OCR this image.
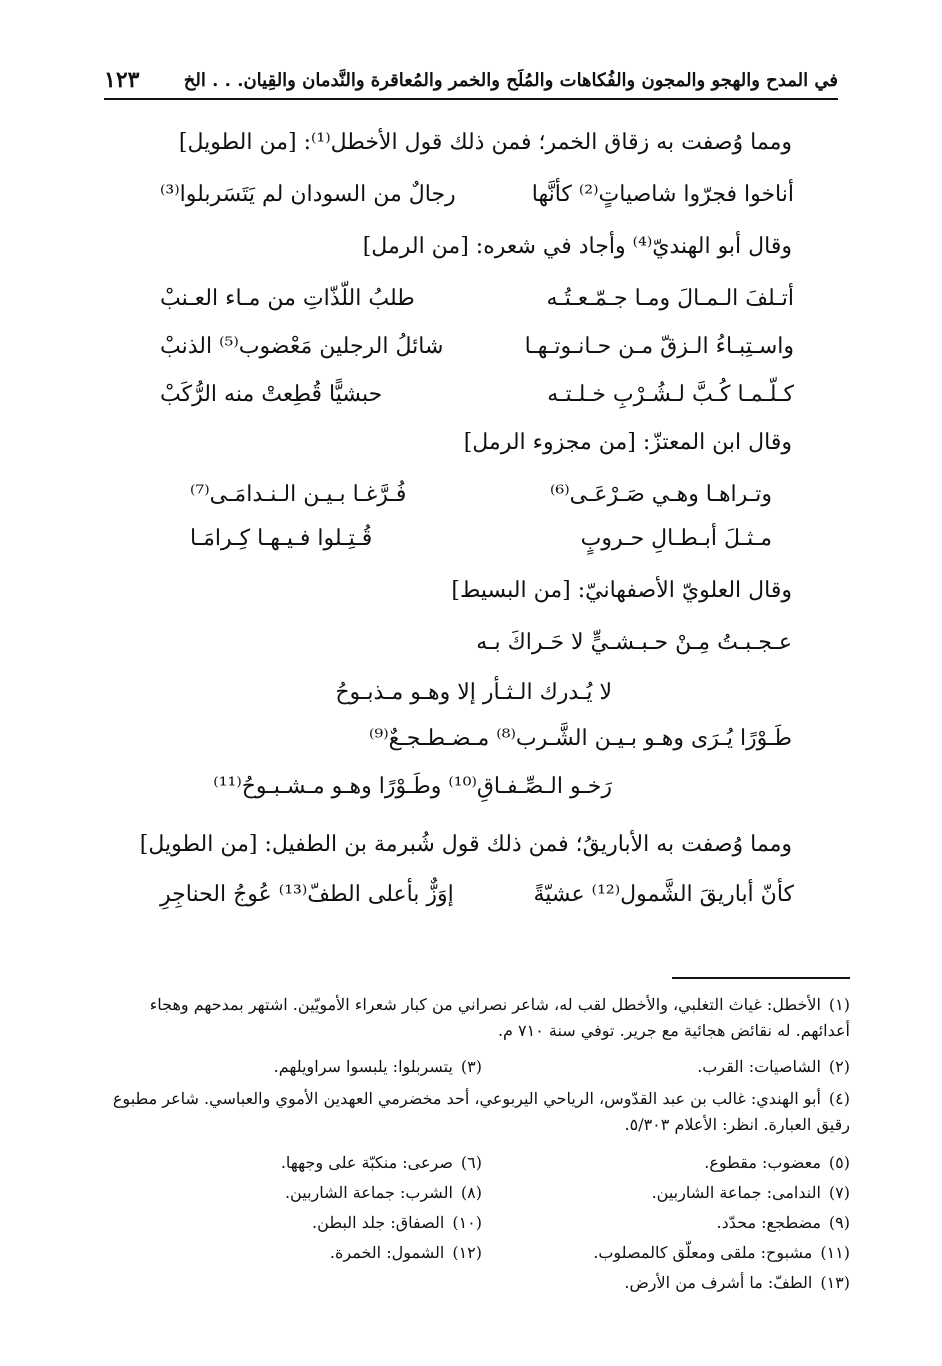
في المدح والهجو والمجون والفُكاهات والمُلَح والخمر والمُعاقرة والنَّدمان والقِيان. . . الخ
١٢٣
ومما وُصفت به زقاق الخمر؛ فمن ذلك قول الأخطل⁽¹⁾: [من الطويل]
أناخوا فجرّوا شاصياتٍ⁽²⁾ كأنَّها
رجالٌ من السودان لم يَتَسَربلوا⁽³⁾
وقال أبو الهنديّ⁽⁴⁾ وأجاد في شعره: [من الرمل]
أتـلفَ الـمـالَ ومـا جـمّـعـتُـه
طلبُ اللّذّاتِ من مـاء العـنبْ
واسـتِبـاءُ الـزقّ مـن حـانـوتـهـا
شائلُ الرجلين مَعْضوب⁽⁵⁾ الذنبْ
كـلّـمـا كُـبَّ لـشُـرْبِ خـلـتـه
حبشيًّا قُطِعتْ منه الرُّكَبْ
وقال ابن المعتزّ: [من مجزوء الرمل]
وتـراهـا وهـي صَـرْعَـى⁽⁶⁾
فُـرَّغـا بـيـن الـنـدامَـى⁽⁷⁾
مـثـلَ أبـطـالِ حـروبٍ
قُـتِـلوا فـيـهـا كِـرامَـا
وقال العلويّ الأصفهانيّ: [من البسيط]
عـجـبـتُ مِـنْ حـبـشـيٍّ لا حَـراكَ بـه
لا يُـدرك الـثـأر إلا وهـو مـذبـوحُ
طَـوْرًا يُـرَى وهـو بـيـن الشَّـرب⁽⁸⁾ مـضـطـجـعٌ⁽⁹⁾
رَخـو الـصِّـفـاقِ⁽¹⁰⁾ وطَـوْرًا وهـو مـشـبـوحُ⁽¹¹⁾
ومما وُصفت به الأباريقُ؛ فمن ذلك قول شُبرمة بن الطفيل: [من الطويل]
كأنّ أباريقَ الشَّمول⁽¹²⁾ عشيّةً
إوَزٌّ بأعلى الطفّ⁽¹³⁾ عُوجُ الحناجِرِ
(١)الأخطل: غياث التغلبي، والأخطل لقب له، شاعر نصراني من كبار شعراء الأمويّين. اشتهر بمدحهم وهجاء أعدائهم. له نقائض هجائية مع جرير. توفي سنة ٧١٠ م.
(٢)الشاصيات: القرب.
(٣)يتسربلوا: يلبسوا سراويلهم.
(٤)أبو الهندي: غالب بن عبد القدّوس، الرياحي اليربوعي، أحد مخضرمي العهدين الأموي والعباسي. شاعر مطبوع رقيق العبارة. انظر: الأعلام ٥/٣٠٣.
(٥)معضوب: مقطوع.
(٦)صرعى: منكبّة على وجهها.
(٧)الندامى: جماعة الشاربين.
(٨)الشرب: جماعة الشاربين.
(٩)مضطجع: محدّد.
(١٠)الصفاق: جلد البطن.
(١١)مشبوح: ملقى ومعلّق كالمصلوب.
(١٢)الشمول: الخمرة.
(١٣)الطفّ: ما أشرف من الأرض.
